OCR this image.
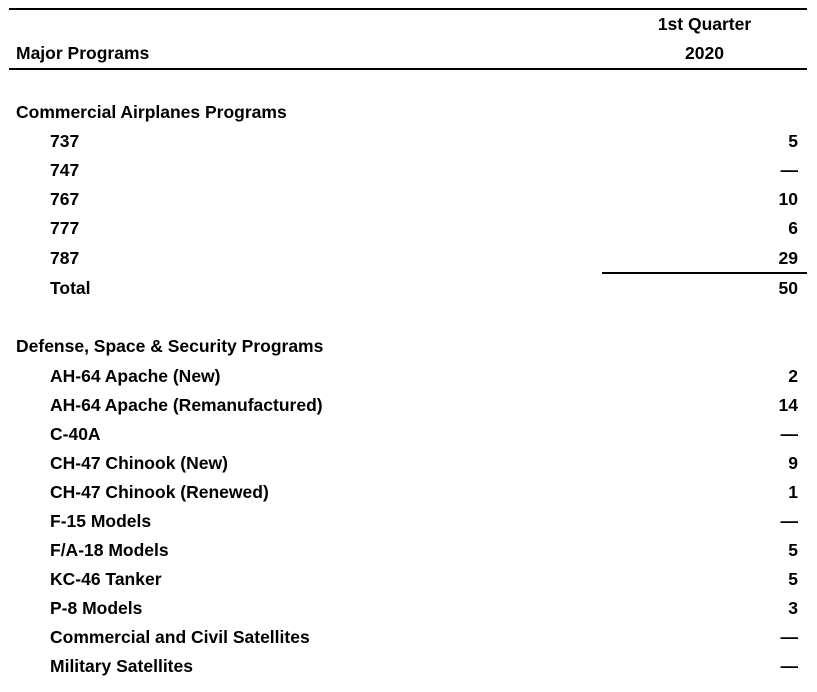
1st Quarter
2020
Major Programs
Commercial Airplanes Programs
737	5
747	—
767	10
777	6
787	29
Total	50
Defense, Space & Security Programs
AH-64 Apache (New)	2
AH-64 Apache (Remanufactured)	14
C-40A	—
CH-47 Chinook (New)	9
CH-47 Chinook (Renewed)	1
F-15 Models	—
F/A-18 Models	5
KC-46 Tanker	5
P-8 Models	3
Commercial and Civil Satellites	—
Military Satellites	—
